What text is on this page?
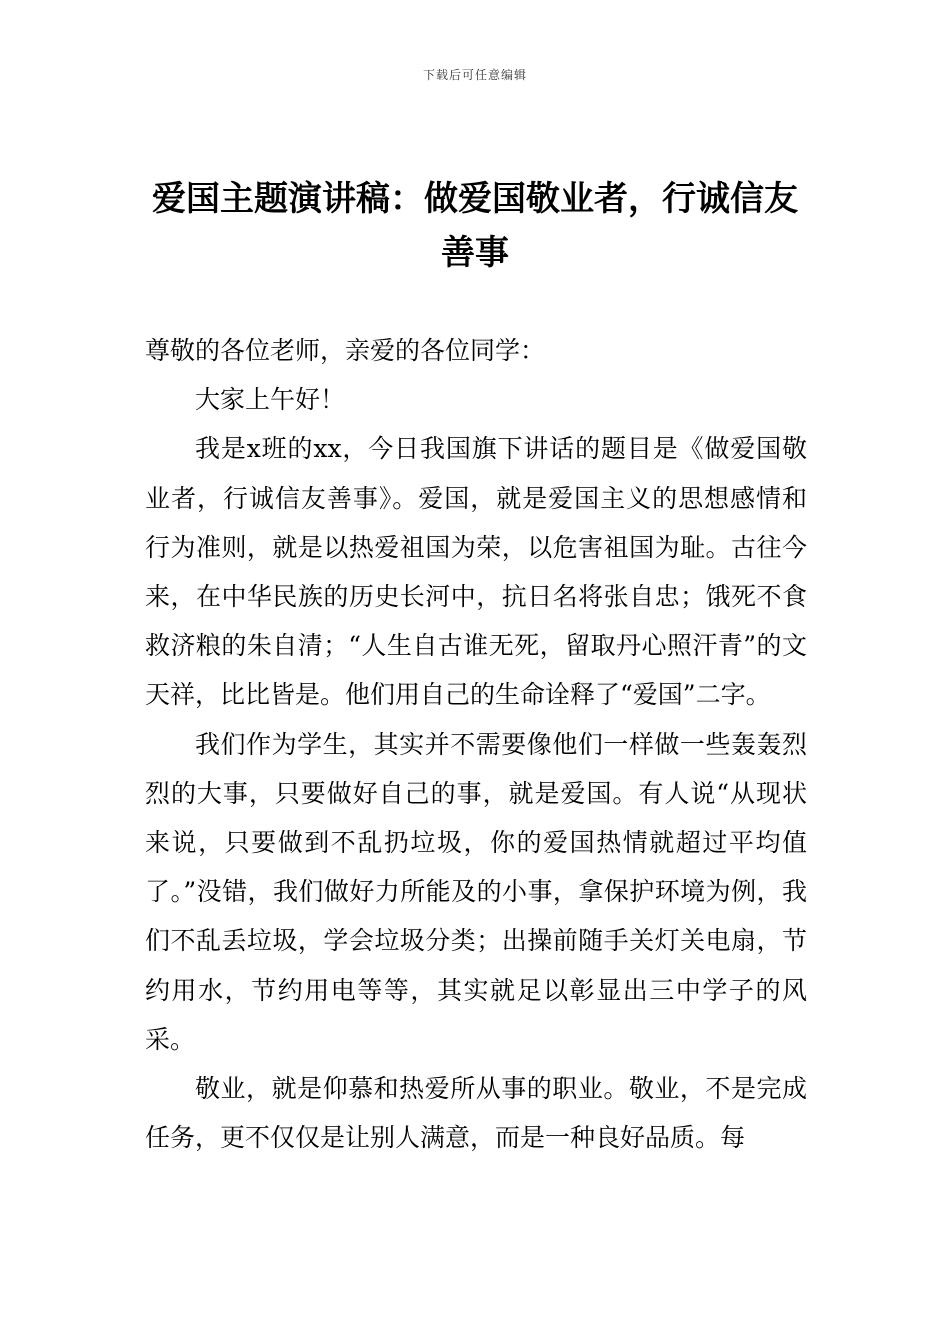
下载后可任意编辑
爱国主题演讲稿：做爱国敬业者，行诚信友善事

尊敬的各位老师，亲爱的各位同学：

大家上午好！

我是x班的xx，今日我国旗下讲话的题目是《做爱国敬业者，行诚信友善事》。爱国，就是爱国主义的思想感情和行为准则，就是以热爱祖国为荣，以危害祖国为耻。古往今来，在中华民族的历史长河中，抗日名将张自忠；饿死不食救济粮的朱自清；“人生自古谁无死，留取丹心照汗青”的文天祥，比比皆是。他们用自己的生命诠释了“爱国”二字。

我们作为学生，其实并不需要像他们一样做一些轰轰烈烈的大事，只要做好自己的事，就是爱国。有人说“从现状来说，只要做到不乱扔垃圾，你的爱国热情就超过平均值了。”没错，我们做好力所能及的小事，拿保护环境为例，我们不乱丢垃圾，学会垃圾分类；出操前随手关灯关电扇，节约用水，节约用电等等，其实就足以彰显出三中学子的风采。

敬业，就是仰慕和热爱所从事的职业。敬业，不是完成任务，更不仅仅是让别人满意，而是一种良好品质。每
